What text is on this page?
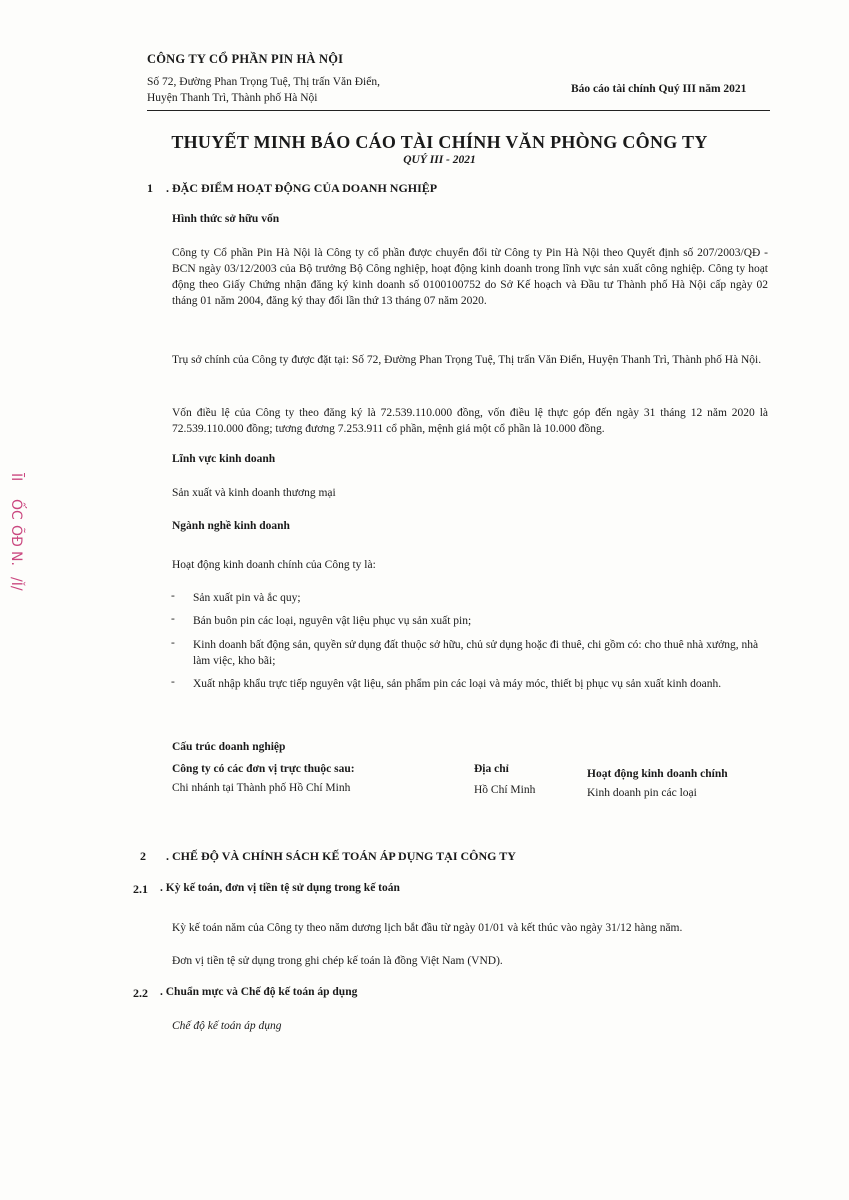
CÔNG TY CỔ PHẦN PIN HÀ NỘI
Số 72, Đường Phan Trọng Tuệ, Thị trấn Văn Điển,
Huyện Thanh Trì, Thành phố Hà Nội
Báo cáo tài chính Quý III năm 2021
THUYẾT MINH BÁO CÁO TÀI CHÍNH VĂN PHÒNG CÔNG TY
QUÝ III - 2021
1 . ĐẶC ĐIỂM HOẠT ĐỘNG CỦA DOANH NGHIỆP
Hình thức sở hữu vốn
Công ty Cổ phần Pin Hà Nội là Công ty cổ phần được chuyển đổi từ Công ty Pin Hà Nội theo Quyết định số 207/2003/QĐ - BCN ngày 03/12/2003 của Bộ trưởng Bộ Công nghiệp, hoạt động kinh doanh trong lĩnh vực sản xuất công nghiệp. Công ty hoạt động theo Giấy Chứng nhận đăng ký kinh doanh số 0100100752 do Sở Kế hoạch và Đầu tư Thành phố Hà Nội cấp ngày 02 tháng 01 năm 2004, đăng ký thay đổi lần thứ 13 tháng 07 năm 2020.
Trụ sở chính của Công ty được đặt tại: Số 72, Đường Phan Trọng Tuệ, Thị trấn Văn Điển, Huyện Thanh Trì, Thành phố Hà Nội.
Vốn điều lệ của Công ty theo đăng ký là 72.539.110.000 đồng, vốn điều lệ thực góp đến ngày 31 tháng 12 năm 2020 là 72.539.110.000 đồng; tương đương 7.253.911 cổ phần, mệnh giá một cổ phần là 10.000 đồng.
Lĩnh vực kinh doanh
Sản xuất và kinh doanh thương mại
Ngành nghề kinh doanh
Hoạt động kinh doanh chính của Công ty là:
- Sản xuất pin và ắc quy;
- Bán buôn pin các loại, nguyên vật liệu phục vụ sản xuất pin;
- Kinh doanh bất động sản, quyền sử dụng đất thuộc sở hữu, chủ sử dụng hoặc đi thuê, chi gồm có: cho thuê nhà xưởng, nhà làm việc, kho bãi;
- Xuất nhập khẩu trực tiếp nguyên vật liệu, sản phẩm pin các loại và máy móc, thiết bị phục vụ sản xuất kinh doanh.
Cấu trúc doanh nghiệp
Công ty có các đơn vị trực thuộc sau:	Địa chỉ	Hoạt động kinh doanh chính
Chi nhánh tại Thành phố Hồ Chí Minh	Hồ Chí Minh	Kinh doanh pin các loại
2 . CHẾ ĐỘ VÀ CHÍNH SÁCH KẾ TOÁN ÁP DỤNG TẠI CÔNG TY
2.1 . Kỳ kế toán, đơn vị tiền tệ sử dụng trong kế toán
Kỳ kế toán năm của Công ty theo năm dương lịch bắt đầu từ ngày 01/01 và kết thúc vào ngày 31/12 hàng năm.
Đơn vị tiền tệ sử dụng trong ghi chép kế toán là đồng Việt Nam (VND).
2.2 . Chuẩn mực và Chế độ kế toán áp dụng
Chế độ kế toán áp dụng
ĪI
ỐC
ÕĐ
N.
/Ǐ/
